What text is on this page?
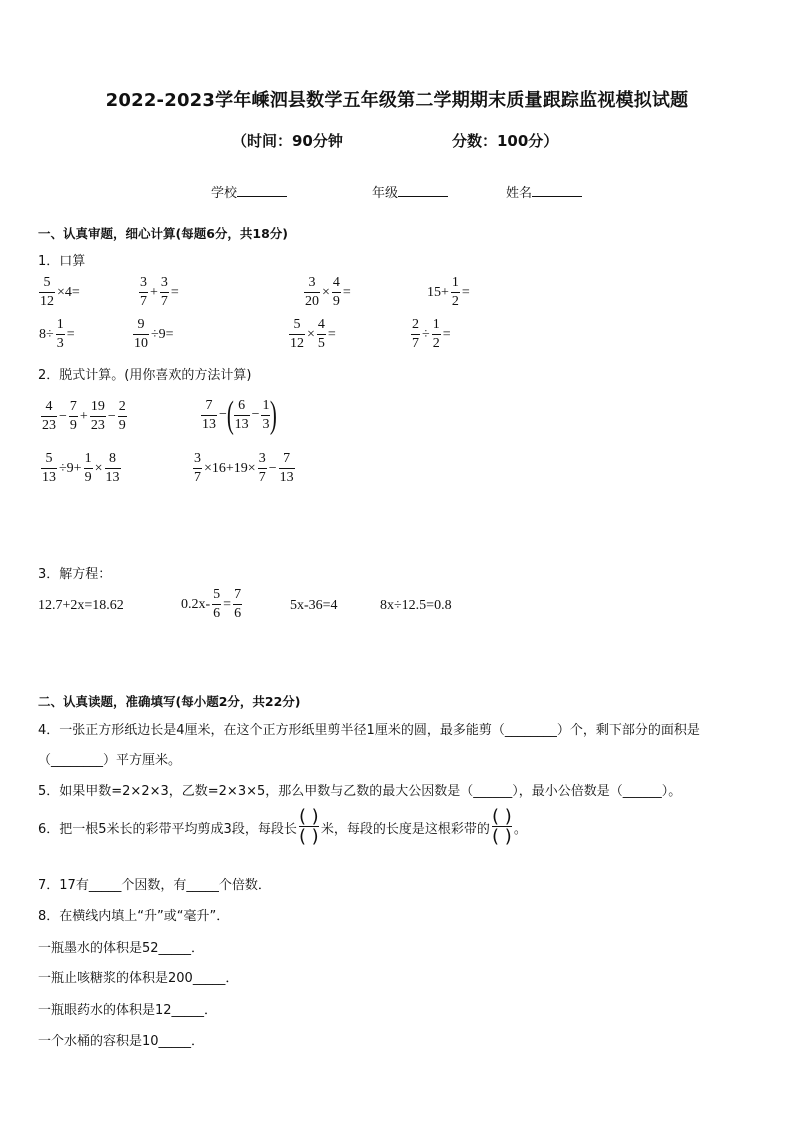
2022-2023学年嵊泗县数学五年级第二学期期末质量跟踪监视模拟试题
（时间：90分钟	分数：100分）
学校	年级	姓名
一、认真审题，细心计算(每题6分，共18分)
1．口算
$\frac{5}{12} \times 4=$	$\frac{3}{7} + \frac{3}{7}$ =	$\frac{3}{20} \times \frac{4}{9}$ =	$15+ \frac{1}{2}$ =
$8\div \frac{1}{3}$ =	$\frac{9}{10} \div 9=$	$\frac{5}{12} \times \frac{4}{5}$ =	$\frac{2}{7} \div \frac{1}{2}$ =
2．脱式计算。(用你喜欢的方法计算)
$\frac{4}{23} - \frac{7}{9} + \frac{19}{23} - \frac{2}{9}$	$\frac{7}{13}$ − ( $\frac{6}{13} - \frac{1}{3}$ )
$\frac{5}{13} \div 9+ \frac{1}{9} \times \frac{8}{13}$	$\frac{3}{7} \times 16+19\times \frac{3}{7} - \frac{7}{13}$
3．解方程：
12.7+2x=18.62	$0.2x- \frac{5}{6} = \frac{7}{6}$	5x-36=4	8x÷12.5=0.8
二、认真读题，准确填写(每小题2分，共22分)
4．一张正方形纸边长是4厘米，在这个正方形纸里剪半径1厘米的圆，最多能剪（________）个，剩下部分的面积是
（________）平方厘米。
5．如果甲数=2×2×3，乙数=2×3×5，那么甲数与乙数的最大公因数是（______），最小公倍数是（______）。
6．把一根5米长的彩带平均剪成3段，每段长
( )
( ) 米，每段的长度是这根彩带的
( )
( ) 。
7．17有_____个因数，有_____个倍数．
8．在横线内填上“升”或“毫升”．
一瓶墨水的体积是52_____．
一瓶止咳糖浆的体积是200_____．
一瓶眼药水的体积是12_____．
一个水桶的容积是10_____．
